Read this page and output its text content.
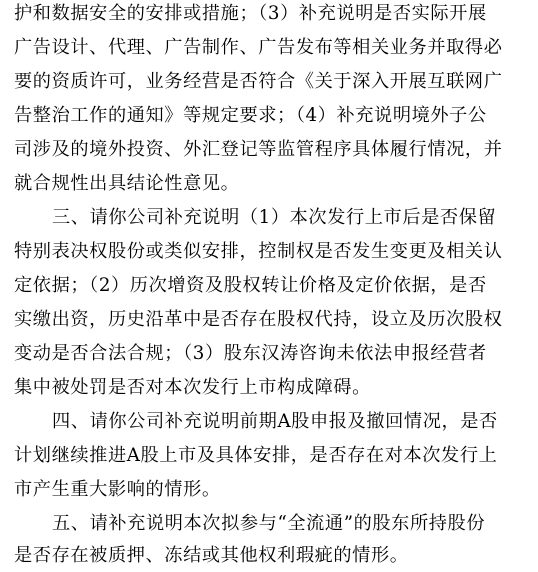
护和数据安全的安排或措施；（3）补充说明是否实际开展
广告设计、代理、广告制作、广告发布等相关业务并取得必
要的资质许可，业务经营是否符合《关于深入开展互联网广
告整治工作的通知》等规定要求；（4）补充说明境外子公
司涉及的境外投资、外汇登记等监管程序具体履行情况，并
就合规性出具结论性意见。
三、请你公司补充说明（1）本次发行上市后是否保留
特别表决权股份或类似安排，控制权是否发生变更及相关认
定依据；（2）历次增资及股权转让价格及定价依据，是否
实缴出资，历史沿革中是否存在股权代持，设立及历次股权
变动是否合法合规；（3）股东汉涛咨询未依法申报经营者
集中被处罚是否对本次发行上市构成障碍。
四、请你公司补充说明前期A股申报及撤回情况，是否
计划继续推进A股上市及具体安排，是否存在对本次发行上
市产生重大影响的情形。
五、请补充说明本次拟参与“全流通”的股东所持股份
是否存在被质押、冻结或其他权利瑕疵的情形。
